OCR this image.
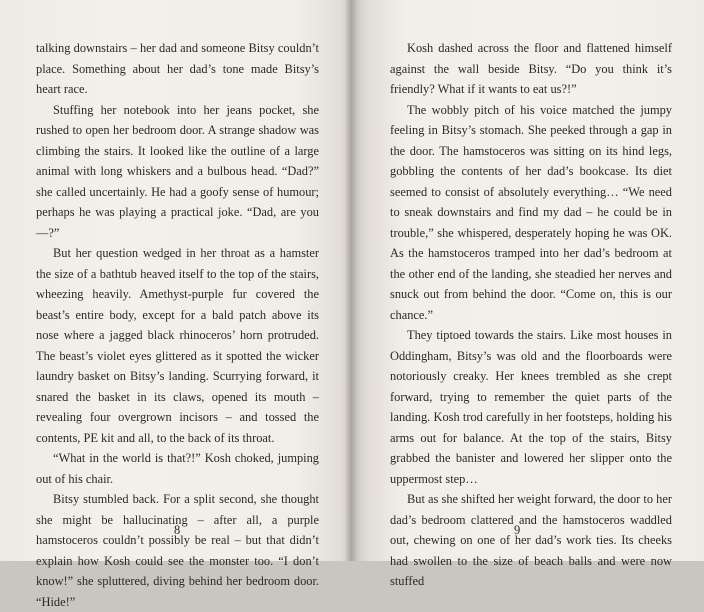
talking downstairs – her dad and someone Bitsy couldn’t place. Something about her dad’s tone made Bitsy’s heart race.

Stuffing her notebook into her jeans pocket, she rushed to open her bedroom door. A strange shadow was climbing the stairs. It looked like the outline of a large animal with long whiskers and a bulbous head. “Dad?” she called uncertainly. He had a goofy sense of humour; perhaps he was playing a practical joke. “Dad, are you—?”

But her question wedged in her throat as a hamster the size of a bathtub heaved itself to the top of the stairs, wheezing heavily. Amethyst-purple fur covered the beast’s entire body, except for a bald patch above its nose where a jagged black rhinoceros’ horn protruded. The beast’s violet eyes glittered as it spotted the wicker laundry basket on Bitsy’s landing. Scurrying forward, it snared the basket in its claws, opened its mouth – revealing four overgrown incisors – and tossed the contents, PE kit and all, to the back of its throat.

“What in the world is that?!” Kosh choked, jumping out of his chair.

Bitsy stumbled back. For a split second, she thought she might be hallucinating – after all, a purple hamstoceros couldn’t possibly be real – but that didn’t explain how Kosh could see the monster too. “I don’t know!” she spluttered, diving behind her bedroom door. “Hide!”

Kosh dashed across the floor and flattened himself against the wall beside Bitsy. “Do you think it’s friendly? What if it wants to eat us?!”

The wobbly pitch of his voice matched the jumpy feeling in Bitsy’s stomach. She peeked through a gap in the door. The hamstoceros was sitting on its hind legs, gobbling the contents of her dad’s bookcase. Its diet seemed to consist of absolutely everything… “We need to sneak downstairs and find my dad – he could be in trouble,” she whispered, desperately hoping he was OK. As the hamstoceros tramped into her dad’s bedroom at the other end of the landing, she steadied her nerves and snuck out from behind the door. “Come on, this is our chance.”

They tiptoed towards the stairs. Like most houses in Oddingham, Bitsy’s was old and the floorboards were notoriously creaky. Her knees trembled as she crept forward, trying to remember the quiet parts of the landing. Kosh trod carefully in her footsteps, holding his arms out for balance. At the top of the stairs, Bitsy grabbed the banister and lowered her slipper onto the uppermost step…

But as she shifted her weight forward, the door to her dad’s bedroom clattered and the hamstoceros waddled out, chewing on one of her dad’s work ties. Its cheeks had swollen to the size of beach balls and were now stuffed

8	9
